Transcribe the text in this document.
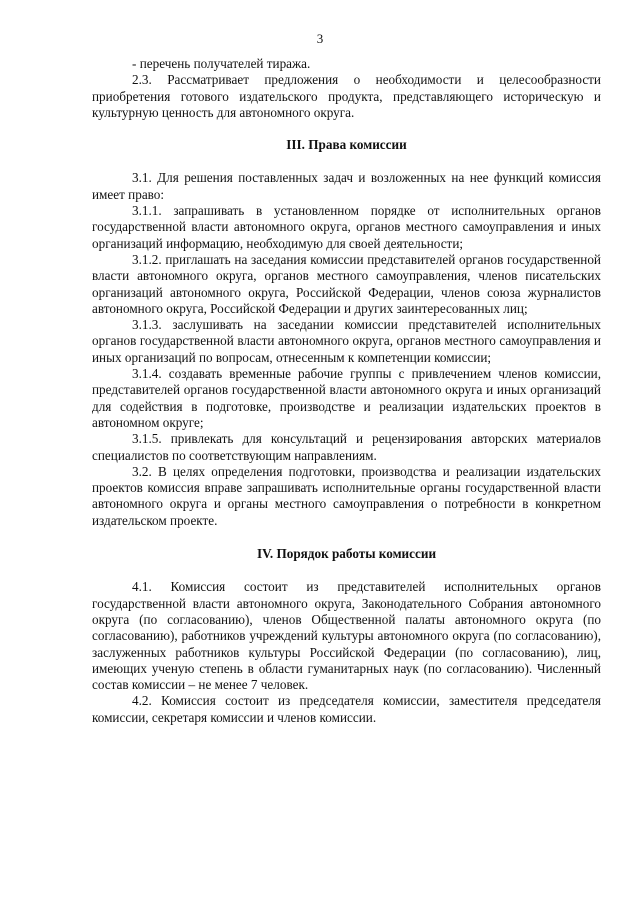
3

- перечень получателей тиража.

2.3. Рассматривает предложения о необходимости и целесообразности приобретения готового издательского продукта, представляющего историческую и культурную ценность для автономного округа.

III. Права комиссии

3.1. Для решения поставленных задач и возложенных на нее функций комиссия имеет право:

3.1.1. запрашивать в установленном порядке от исполнительных органов государственной власти автономного округа, органов местного самоуправления и иных организаций информацию, необходимую для своей деятельности;

3.1.2. приглашать на заседания комиссии представителей органов государственной власти автономного округа, органов местного самоуправления, членов писательских организаций автономного округа, Российской Федерации, членов союза журналистов автономного округа, Российской Федерации и других заинтересованных лиц;

3.1.3. заслушивать на заседании комиссии представителей исполнительных органов государственной власти автономного округа, органов местного самоуправления и иных организаций по вопросам, отнесенным к компетенции комиссии;

3.1.4. создавать временные рабочие группы с привлечением членов комиссии, представителей органов государственной власти автономного округа и иных организаций для содействия в подготовке, производстве и реализации издательских проектов в автономном округе;

3.1.5. привлекать для консультаций и рецензирования авторских материалов специалистов по соответствующим направлениям.

3.2. В целях определения подготовки, производства и реализации издательских проектов комиссия вправе запрашивать исполнительные органы государственной власти автономного округа и органы местного самоуправления о потребности в конкретном издательском проекте.

IV. Порядок работы комиссии

4.1. Комиссия состоит из представителей исполнительных органов государственной власти автономного округа, Законодательного Собрания автономного округа (по согласованию), членов Общественной палаты автономного округа (по согласованию), работников учреждений культуры автономного округа (по согласованию), заслуженных работников культуры Российской Федерации (по согласованию), лиц, имеющих ученую степень в области гуманитарных наук (по согласованию). Численный состав комиссии – не менее 7 человек.

4.2. Комиссия состоит из председателя комиссии, заместителя председателя комиссии, секретаря комиссии и членов комиссии.
